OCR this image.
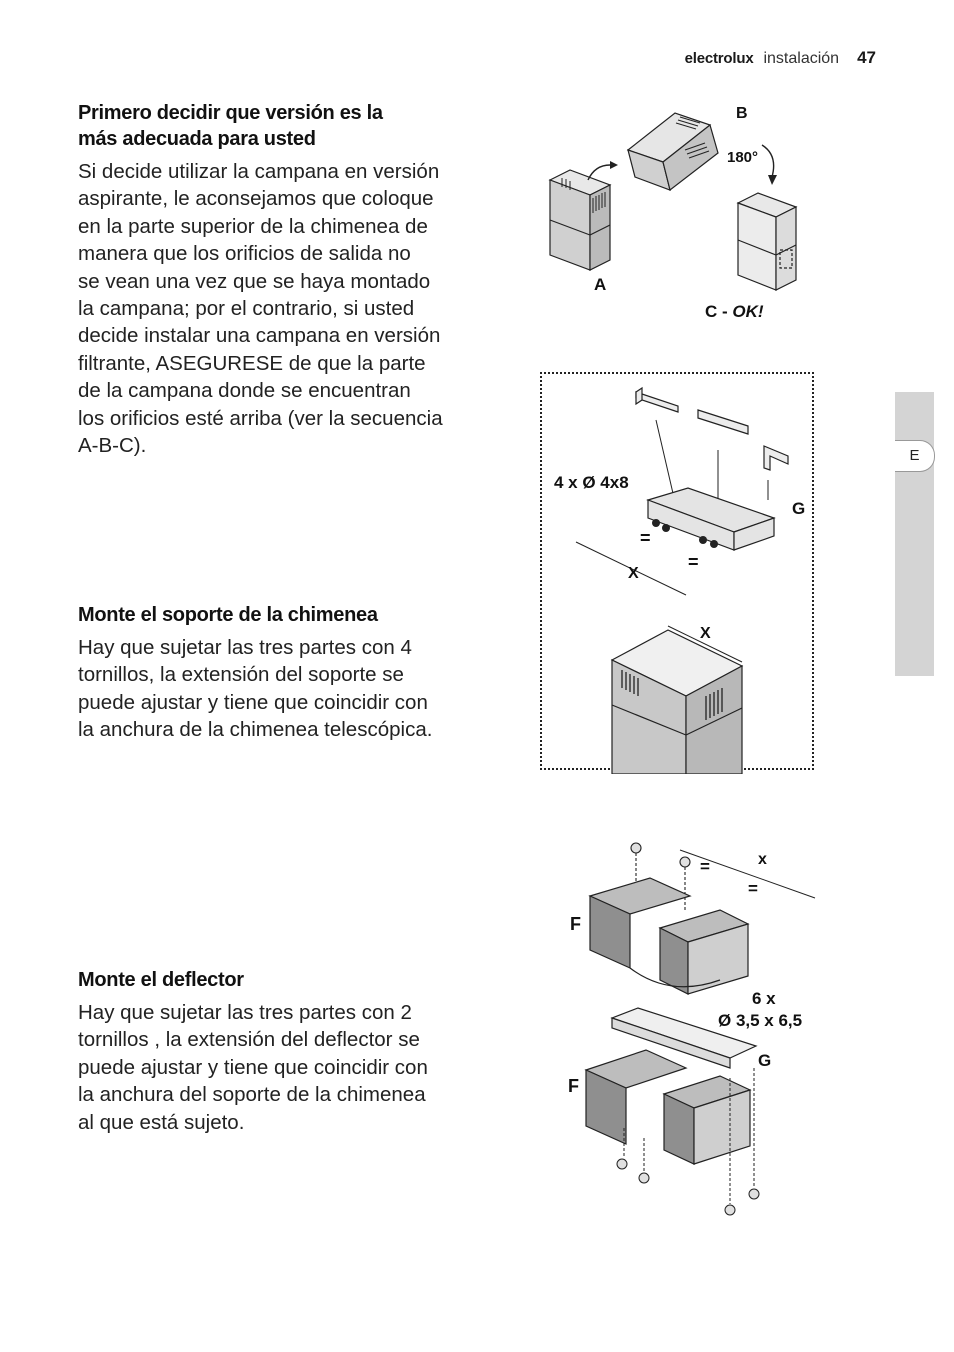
electrolux instalación 47
E
Primero decidir que versión es la
más adecuada para usted

Si decide utilizar la campana en versión
aspirante, le aconsejamos que coloque
en la parte superior de la chimenea de
manera que los orificios de salida no
se vean una vez que se haya montado
la campana; por el contrario, si usted
decide instalar una campana en versión
filtrante, ASEGURESE de que la parte
de la campana donde se encuentran
los orificios esté arriba (ver la secuencia
A-B-C).

Monte el soporte de la chimenea

Hay que sujetar las tres partes con 4
tornillos, la extensión del soporte se
puede ajustar y tiene que coincidir con
la anchura de la chimenea telescópica.

Monte el deflector

Hay que sujetar las tres partes con 2
tornillos , la extensión del deflector se
puede ajustar y tiene que coincidir con
la anchura del soporte de la chimenea
al que está sujeto.

B
180°
A
C - OK!
4 x Ø 4x8
G
=
=
X
X
=
=
x
F
6 x
Ø 3,5 x 6,5
G
F
